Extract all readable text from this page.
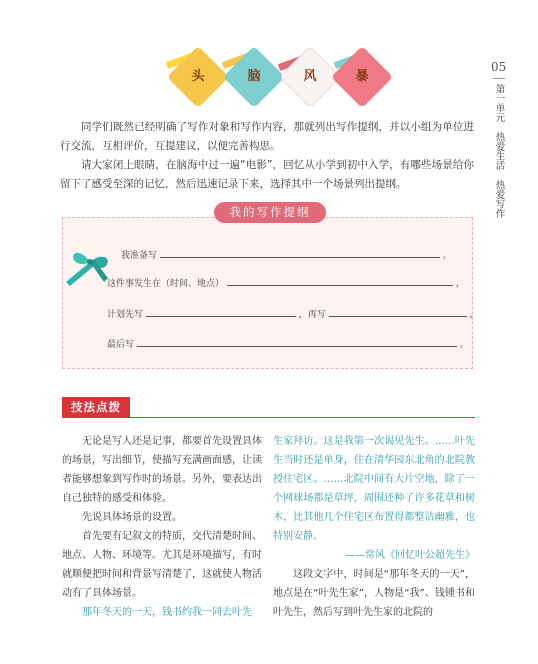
头	脑	风	暴
05
第一单元
热爱生活
热爱写作
同学们既然已经明确了写作对象和写作内容，那就列出写作提纲，并以小组为单位进行交流，互相评价，互提建议，以便完善构思。
请大家闭上眼睛，在脑海中过一遍“电影”，回忆从小学到初中入学，有哪些场景给你留下了感受至深的记忆，然后迅速记录下来，选择其中一个场景列出提纲。
我的写作提纲
我准备写	。
这件事发生在（时间、地点）	，
计划先写	，再写	，
最后写	。
技法点拨

无论是写人还是记事，都要首先设置具体的场景，写出细节，使描写充满画面感，让读者能够想象到写作时的场景。另外，要表达出自己独特的感受和体验。

先说具体场景的设置。

首先要有记叙文的特质，交代清楚时间、地点、人物、环境等。尤其是环境描写，有时就顺便把时间和背景写清楚了，这就使人物活动有了具体场景。

那年冬天的一天，钱书约我一同去叶先

生家拜访。这是我第一次谒见先生。……叶先生当时还是单身，住在清华园东北角的北院教授住宅区。……北院中间有大片空地，除了一个网球场都是草坪，周围还种了许多花草和树木，比其他几个住宅区布置得都整洁幽雅，也特别安静。

——常风《回忆叶公超先生》

这段文字中，时间是“那年冬天的一天”，地点是在“叶先生家”，人物是“我”、钱锺书和叶先生，然后写到叶先生家的北院的
